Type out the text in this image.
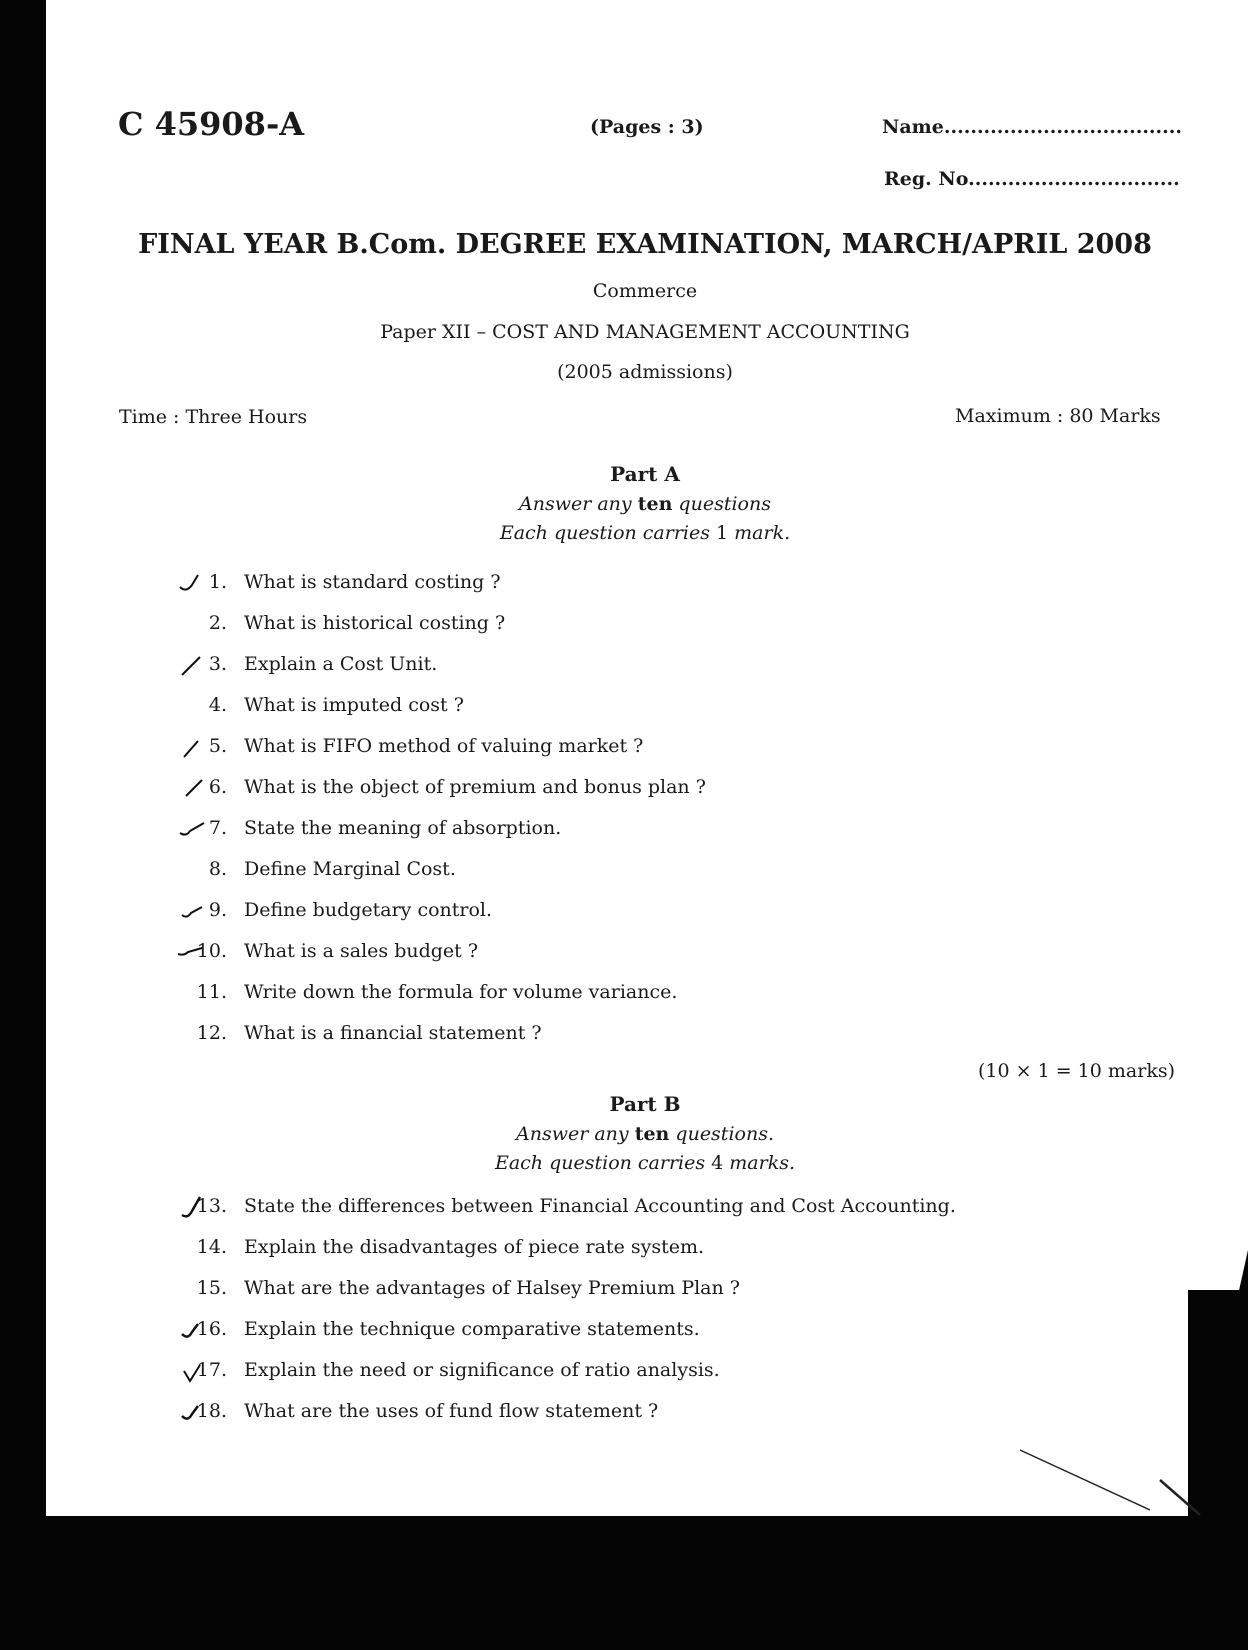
C 45908-A	(Pages : 3)	Name....................................
Reg. No................................
FINAL YEAR B.Com. DEGREE EXAMINATION, MARCH/APRIL 2008
Commerce
Paper XII – COST AND MANAGEMENT ACCOUNTING
(2005 admissions)
Time : Three Hours	Maximum : 80 Marks
Part A
Answer any ten questions
Each question carries 1 mark.
1. What is standard costing ?
2. What is historical costing ?
3. Explain a Cost Unit.
4. What is imputed cost ?
5. What is FIFO method of valuing market ?
6. What is the object of premium and bonus plan ?
7. State the meaning of absorption.
8. Define Marginal Cost.
9. Define budgetary control.
10. What is a sales budget ?
11. Write down the formula for volume variance.
12. What is a financial statement ?
(10 × 1 = 10 marks)
Part B
Answer any ten questions.
Each question carries 4 marks.
13. State the differences between Financial Accounting and Cost Accounting.
14. Explain the disadvantages of piece rate system.
15. What are the advantages of Halsey Premium Plan ?
16. Explain the technique comparative statements.
17. Explain the need or significance of ratio analysis.
18. What are the uses of fund flow statement ?
